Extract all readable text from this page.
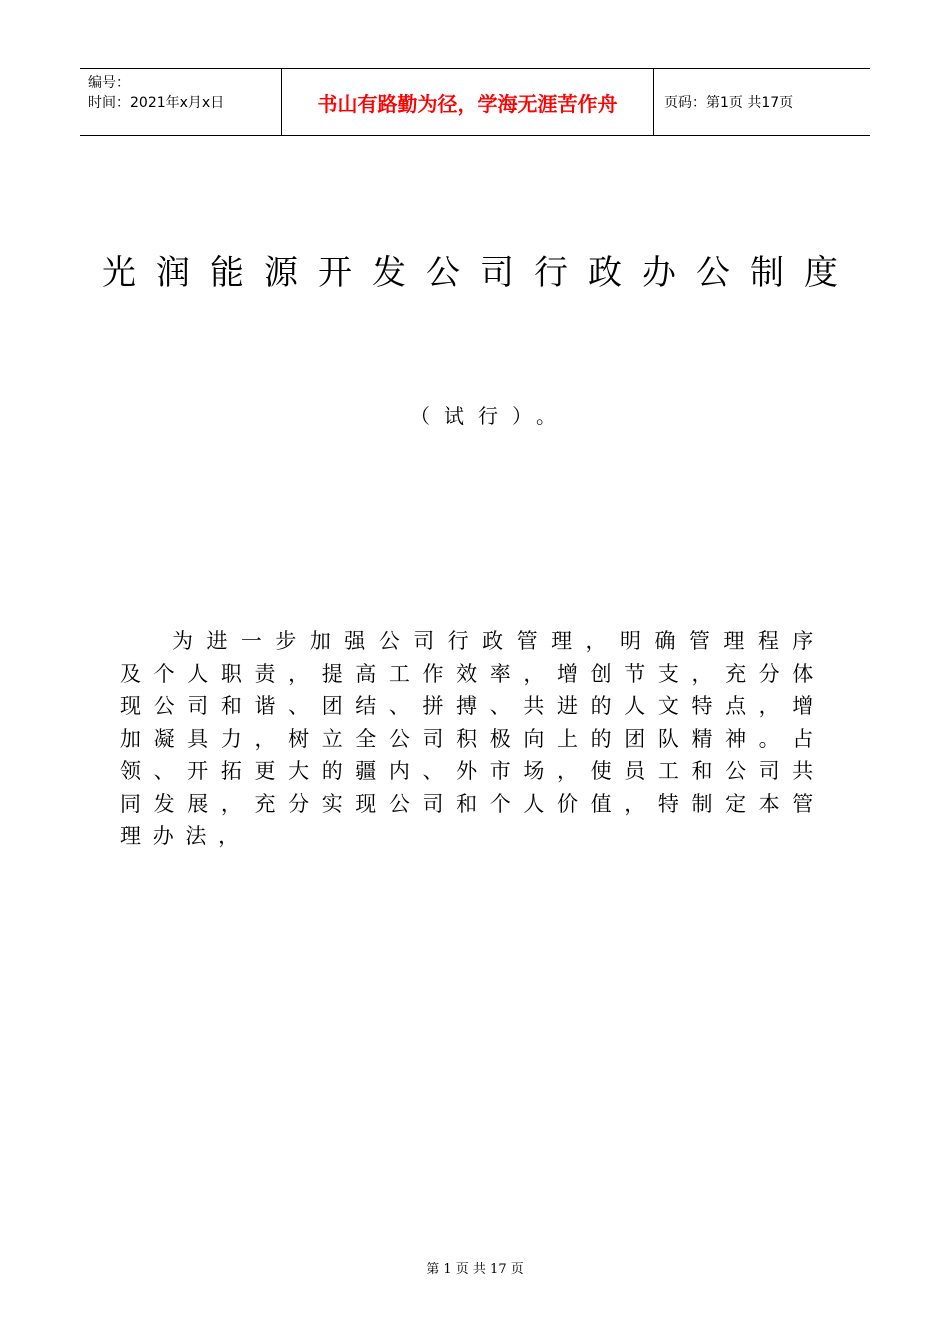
编号：
时间：2021年x月x日	书山有路勤为径，学海无涯苦作舟	页码：第1页 共17页
光润能源开发公司行政办公制度
（试行）。

为进一步加强公司行政管理，明确管理程序及个人职责，提高工作效率，增创节支，充分体现公司和谐、团结、拼搏、共进的人文特点，增加凝具力，树立全公司积极向上的团队精神。占领、开拓更大的疆内、外市场，使员工和公司共同发展，充分实现公司和个人价值，特制定本管理办法，

第 1 页 共 17 页
